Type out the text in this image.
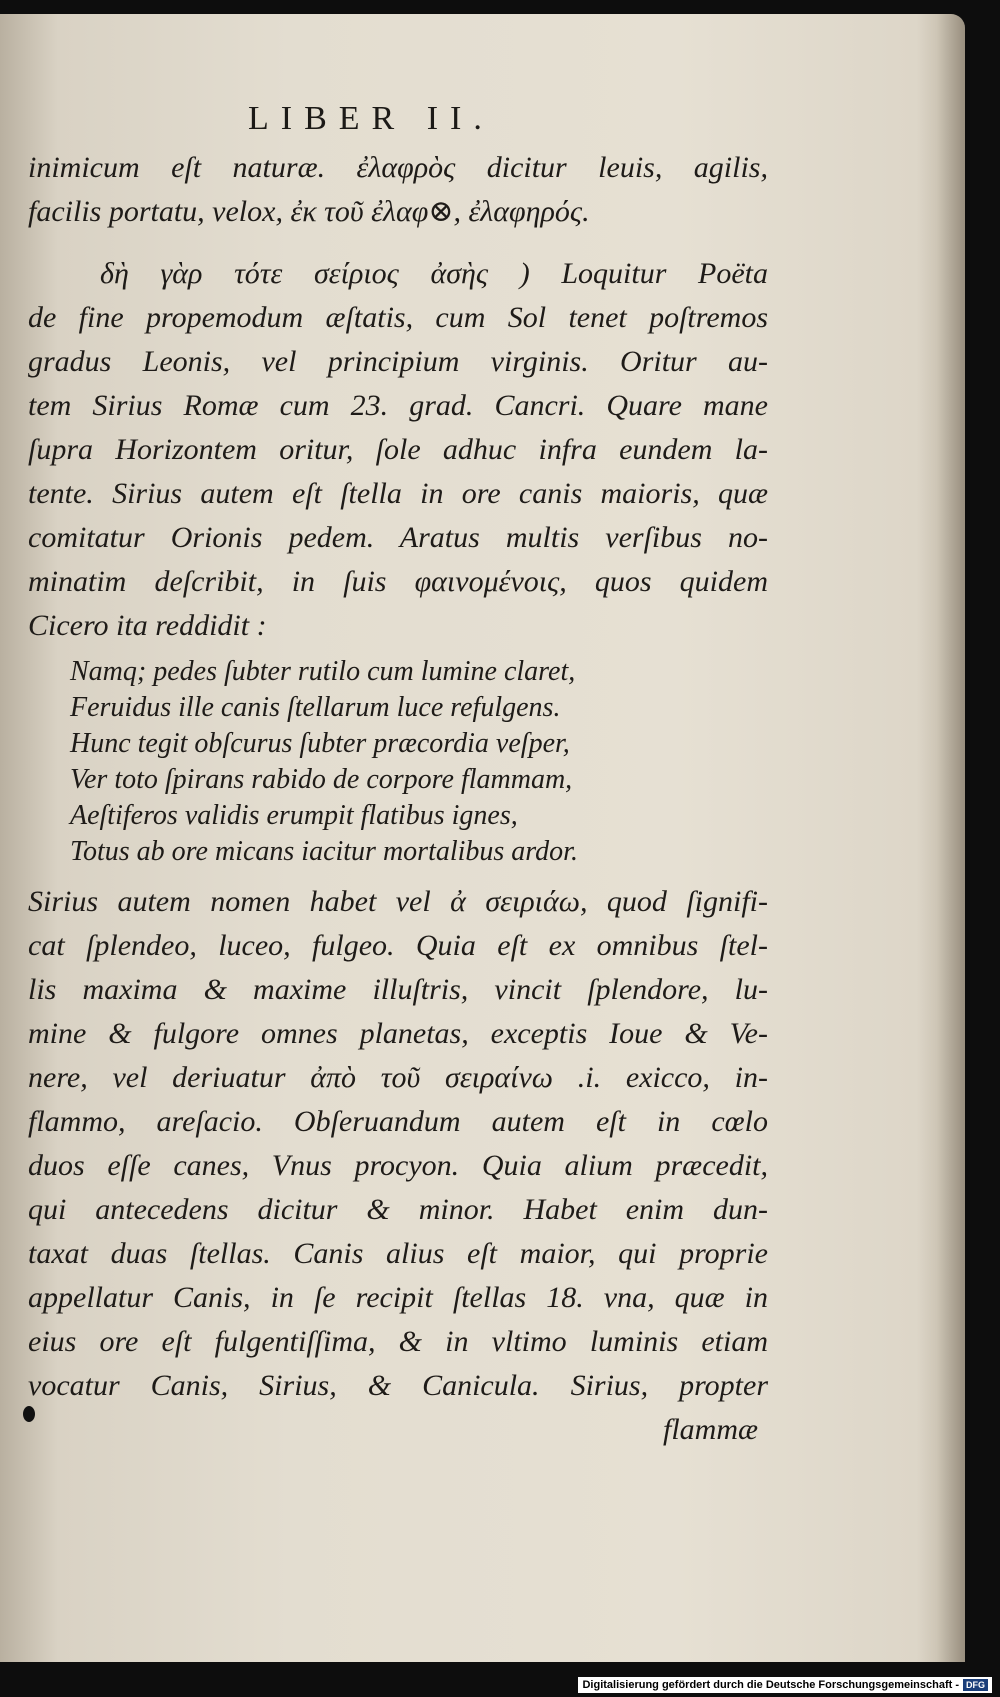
LIBER II.
inimicum eſt naturæ. ἐλαφρὸς dicitur leuis, agilis,
facilis portatu, velox, ἐκ τοῦ ἐλαφ⊗, ἐλαφηρός.
δὴ γὰρ τότε σείριος ἀσὴς ) Loquitur Poëta
de fine propemodum æſtatis, cum Sol tenet poſtremos
gradus Leonis, vel principium virginis. Oritur au-
tem Sirius Romæ cum 23. grad. Cancri. Quare mane
ſupra Horizontem oritur, ſole adhuc infra eundem la-
tente. Sirius autem eſt ſtella in ore canis maioris, quæ
comitatur Orionis pedem. Aratus multis verſibus no-
minatim deſcribit, in ſuis φαινομένοις, quos quidem
Cicero ita reddidit :
Namq; pedes ſubter rutilo cum lumine claret,
Feruidus ille canis ſtellarum luce refulgens.
Hunc tegit obſcurus ſubter præcordia veſper,
Ver toto ſpirans rabido de corpore flammam,
Aeſtiferos validis erumpit flatibus ignes,
Totus ab ore micans iacitur mortalibus ardor.
Sirius autem nomen habet vel ἀ σειριάω, quod ſignifi-
cat ſplendeo, luceo, fulgeo. Quia eſt ex omnibus ſtel-
lis maxima & maxime illuſtris, vincit ſplendore, lu-
mine & fulgore omnes planetas, exceptis Ioue & Ve-
nere, vel deriuatur ἀπὸ τοῦ σειραίνω .i. exicco, in-
flammo, areſacio. Obſeruandum autem eſt in cœlo
duos eſſe canes, Vnus procyon. Quia alium præcedit,
qui antecedens dicitur & minor. Habet enim dun-
taxat duas ſtellas. Canis alius eſt maior, qui proprie
appellatur Canis, in ſe recipit ſtellas 18. vna, quæ in
eius ore eſt fulgentiſſima, & in vltimo luminis etiam
vocatur Canis, Sirius, & Canicula. Sirius, propter
flammæ
Digitalisierung gefördert durch die Deutsche Forschungsgemeinschaft - DFG
